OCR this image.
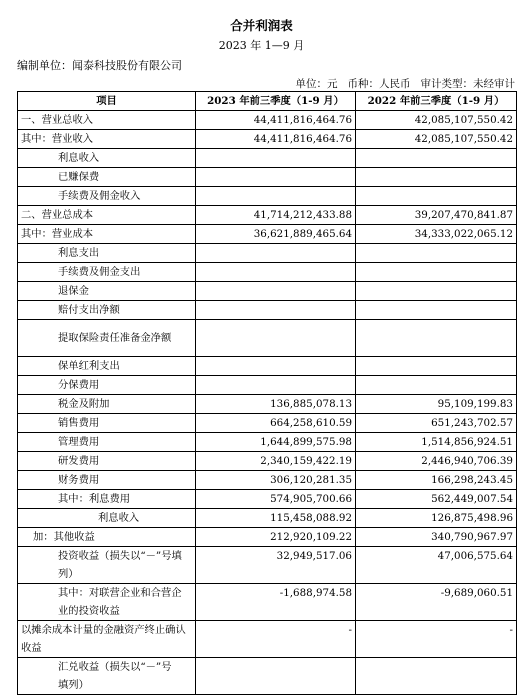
合并利润表
2023 年 1—9 月
编制单位：闻泰科技股份有限公司
单位：元 币种：人民币 审计类型：未经审计
项目	2023 年前三季度（1-9 月）	2022 年前三季度（1-9 月）
一、营业总收入	44,411,816,464.76	42,085,107,550.42
其中：营业收入	44,411,816,464.76	42,085,107,550.42
利息收入		
已赚保费		
手续费及佣金收入		
二、营业总成本	41,714,212,433.88	39,207,470,841.87
其中：营业成本	36,621,889,465.64	34,333,022,065.12
利息支出		
手续费及佣金支出		
退保金		
赔付支出净额		
提取保险责任准备金净额		
保单红利支出		
分保费用		
税金及附加	136,885,078.13	95,109,199.83
销售费用	664,258,610.59	651,243,702.57
管理费用	1,644,899,575.98	1,514,856,924.51
研发费用	2,340,159,422.19	2,446,940,706.39
财务费用	306,120,281.35	166,298,243.45
其中：利息费用	574,905,700.66	562,449,007.54
利息收入	115,458,088.92	126,875,498.96
加：其他收益	212,920,109.22	340,790,967.97
投资收益（损失以“－”号填列）	32,949,517.06	47,006,575.64
其中：对联营企业和合营企业的投资收益	-1,688,974.58	-9,689,060.51
以摊余成本计量的金融资产终止确认收益	-	-
汇兑收益（损失以“－”号填列）		
